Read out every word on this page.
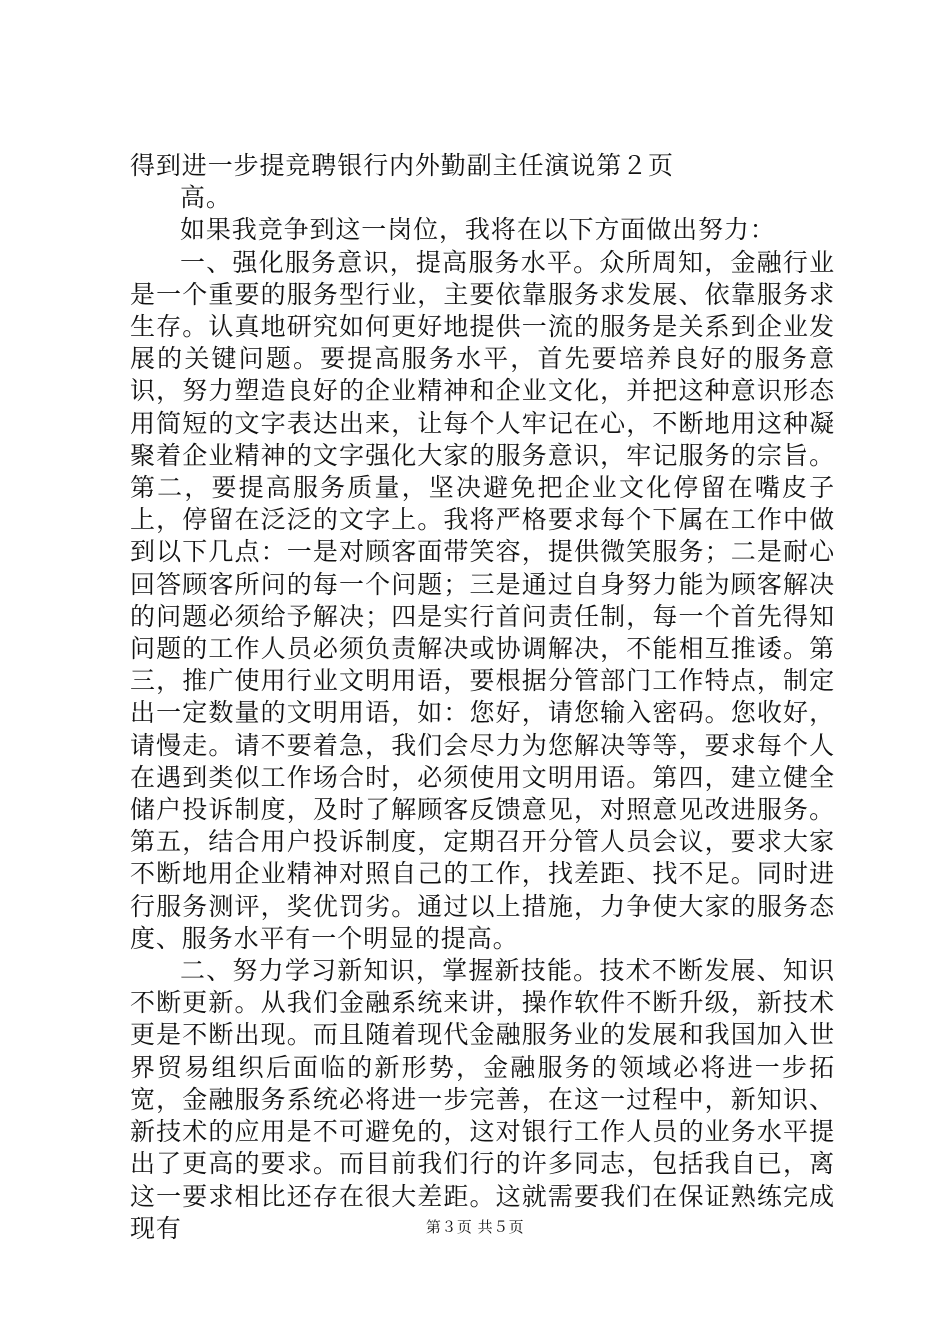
得到进一步提竞聘银行内外勤副主任演说第２页

高。

如果我竞争到这一岗位，我将在以下方面做出努力：

一、强化服务意识，提高服务水平。众所周知，金融行业是一个重要的服务型行业，主要依靠服务求发展、依靠服务求生存。认真地研究如何更好地提供一流的服务是关系到企业发展的关键问题。要提高服务水平，首先要培养良好的服务意识，努力塑造良好的企业精神和企业文化，并把这种意识形态用简短的文字表达出来，让每个人牢记在心，不断地用这种凝聚着企业精神的文字强化大家的服务意识，牢记服务的宗旨。第二，要提高服务质量，坚决避免把企业文化停留在嘴皮子上，停留在泛泛的文字上。我将严格要求每个下属在工作中做到以下几点：一是对顾客面带笑容，提供微笑服务；二是耐心回答顾客所问的每一个问题；三是通过自身努力能为顾客解决的问题必须给予解决；四是实行首问责任制，每一个首先得知问题的工作人员必须负责解决或协调解决，不能相互推诿。第三，推广使用行业文明用语，要根据分管部门工作特点，制定出一定数量的文明用语，如：您好，请您输入密码。您收好，请慢走。请不要着急，我们会尽力为您解决等等，要求每个人在遇到类似工作场合时，必须使用文明用语。第四，建立健全储户投诉制度，及时了解顾客反馈意见，对照意见改进服务。第五，结合用户投诉制度，定期召开分管人员会议，要求大家不断地用企业精神对照自己的工作，找差距、找不足。同时进行服务测评，奖优罚劣。通过以上措施，力争使大家的服务态度、服务水平有一个明显的提高。

二、努力学习新知识，掌握新技能。技术不断发展、知识不断更新。从我们金融系统来讲，操作软件不断升级，新技术更是不断出现。而且随着现代金融服务业的发展和我国加入世界贸易组织后面临的新形势，金融服务的领域必将进一步拓宽，金融服务系统必将进一步完善，在这一过程中，新知识、新技术的应用是不可避免的，这对银行工作人员的业务水平提出了更高的要求。而目前我们行的许多同志，包括我自已，离这一要求相比还存在很大差距。这就需要我们在保证熟练完成现有	第３页 共５页
